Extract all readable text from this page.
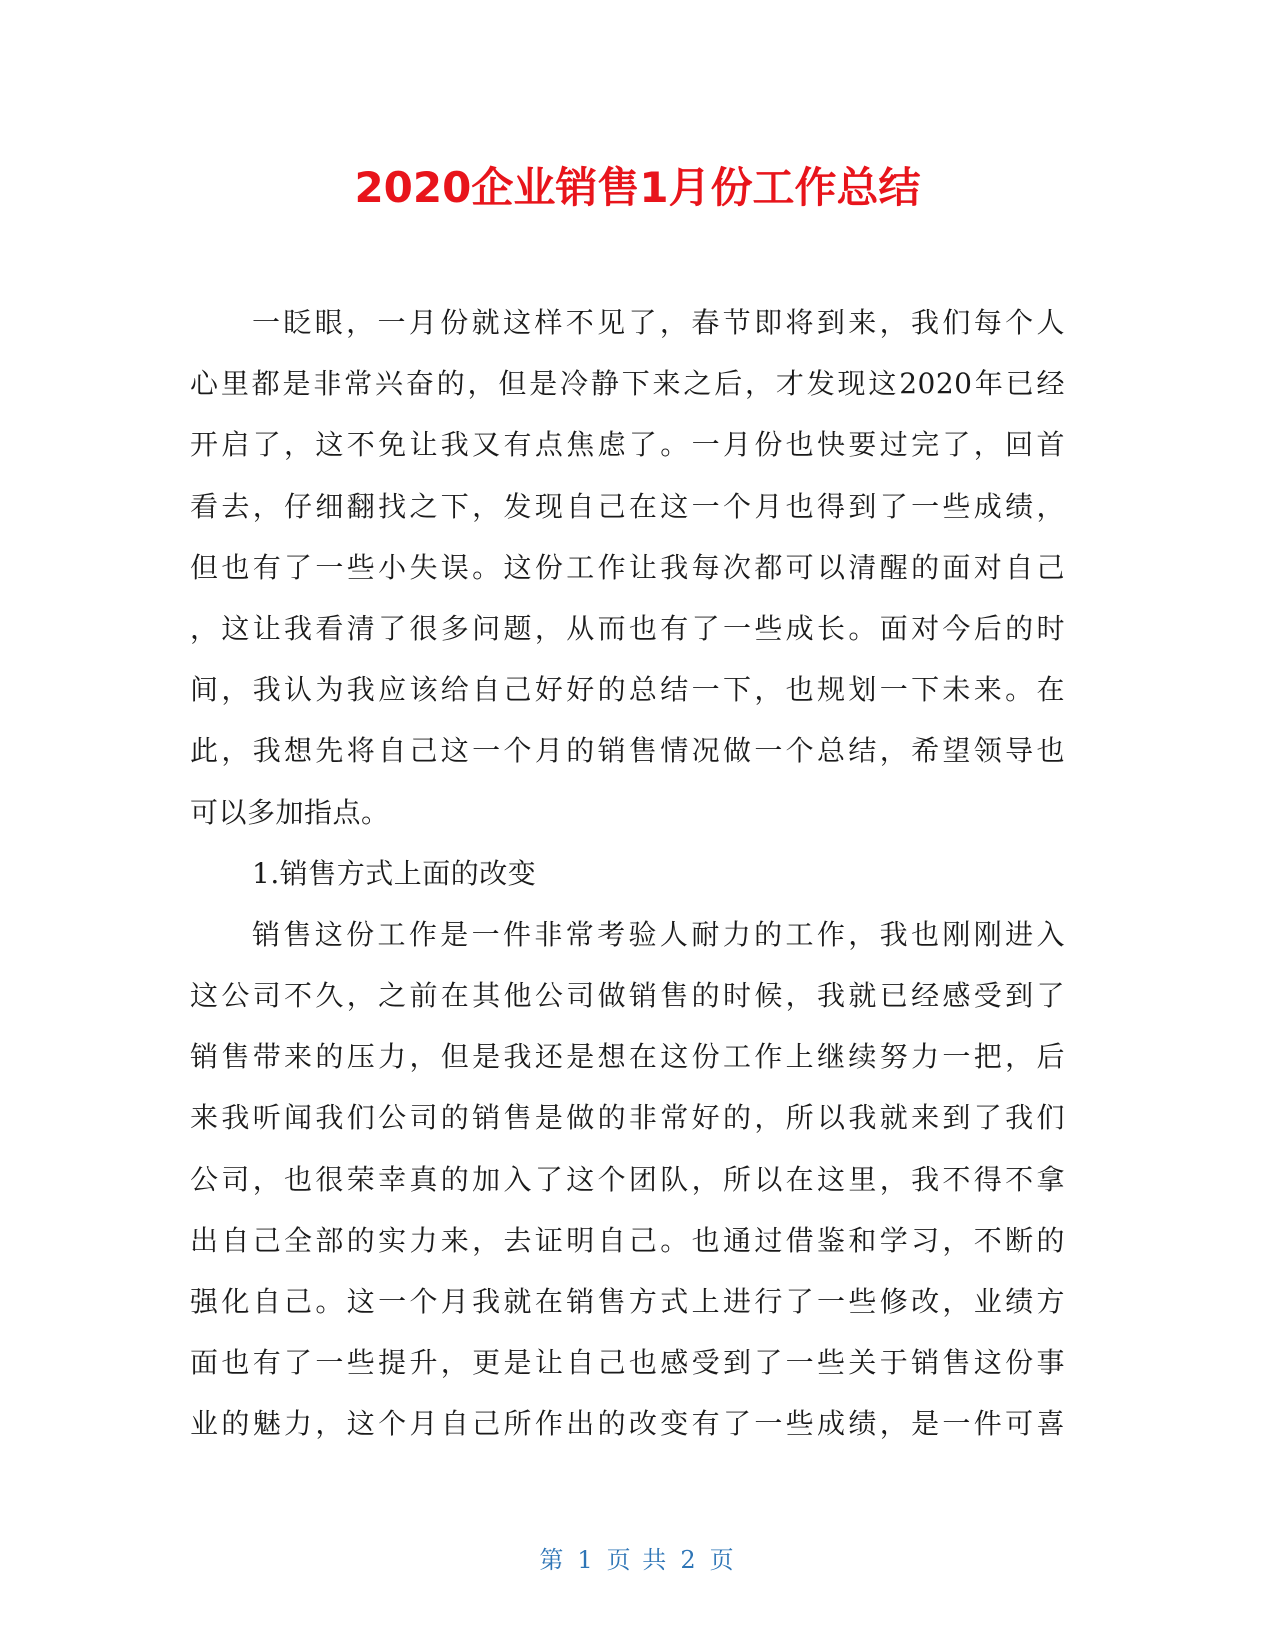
2020企业销售1月份工作总结
一眨眼，一月份就这样不见了，春节即将到来，我们每个人
心里都是非常兴奋的，但是冷静下来之后，才发现这2020年已经
开启了，这不免让我又有点焦虑了。一月份也快要过完了，回首
看去，仔细翻找之下，发现自己在这一个月也得到了一些成绩，
但也有了一些小失误。这份工作让我每次都可以清醒的面对自己
，这让我看清了很多问题，从而也有了一些成长。面对今后的时
间，我认为我应该给自己好好的总结一下，也规划一下未来。在
此，我想先将自己这一个月的销售情况做一个总结，希望领导也
可以多加指点。
1.销售方式上面的改变
销售这份工作是一件非常考验人耐力的工作，我也刚刚进入
这公司不久，之前在其他公司做销售的时候，我就已经感受到了
销售带来的压力，但是我还是想在这份工作上继续努力一把，后
来我听闻我们公司的销售是做的非常好的，所以我就来到了我们
公司，也很荣幸真的加入了这个团队，所以在这里，我不得不拿
出自己全部的实力来，去证明自己。也通过借鉴和学习，不断的
强化自己。这一个月我就在销售方式上进行了一些修改，业绩方
面也有了一些提升，更是让自己也感受到了一些关于销售这份事
业的魅力，这个月自己所作出的改变有了一些成绩，是一件可喜
第 1 页 共 2 页
